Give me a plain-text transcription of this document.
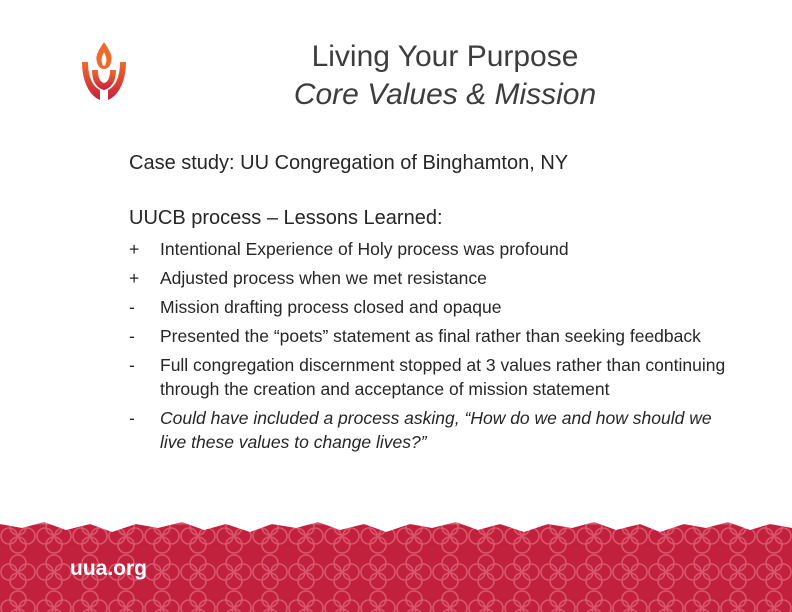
Living Your Purpose
Core Values & Mission
Case study: UU Congregation of Binghamton, NY
UUCB process – Lessons Learned:
+	Intentional Experience of Holy process was profound
+	Adjusted process when we met resistance
-	Mission drafting process closed and opaque
-	Presented the “poets” statement as final rather than seeking feedback
-	Full congregation discernment stopped at 3 values rather than continuing through the creation and acceptance of mission statement
-	Could have included a process asking, “How do we and how should we live these values to change lives?”
uua.org
